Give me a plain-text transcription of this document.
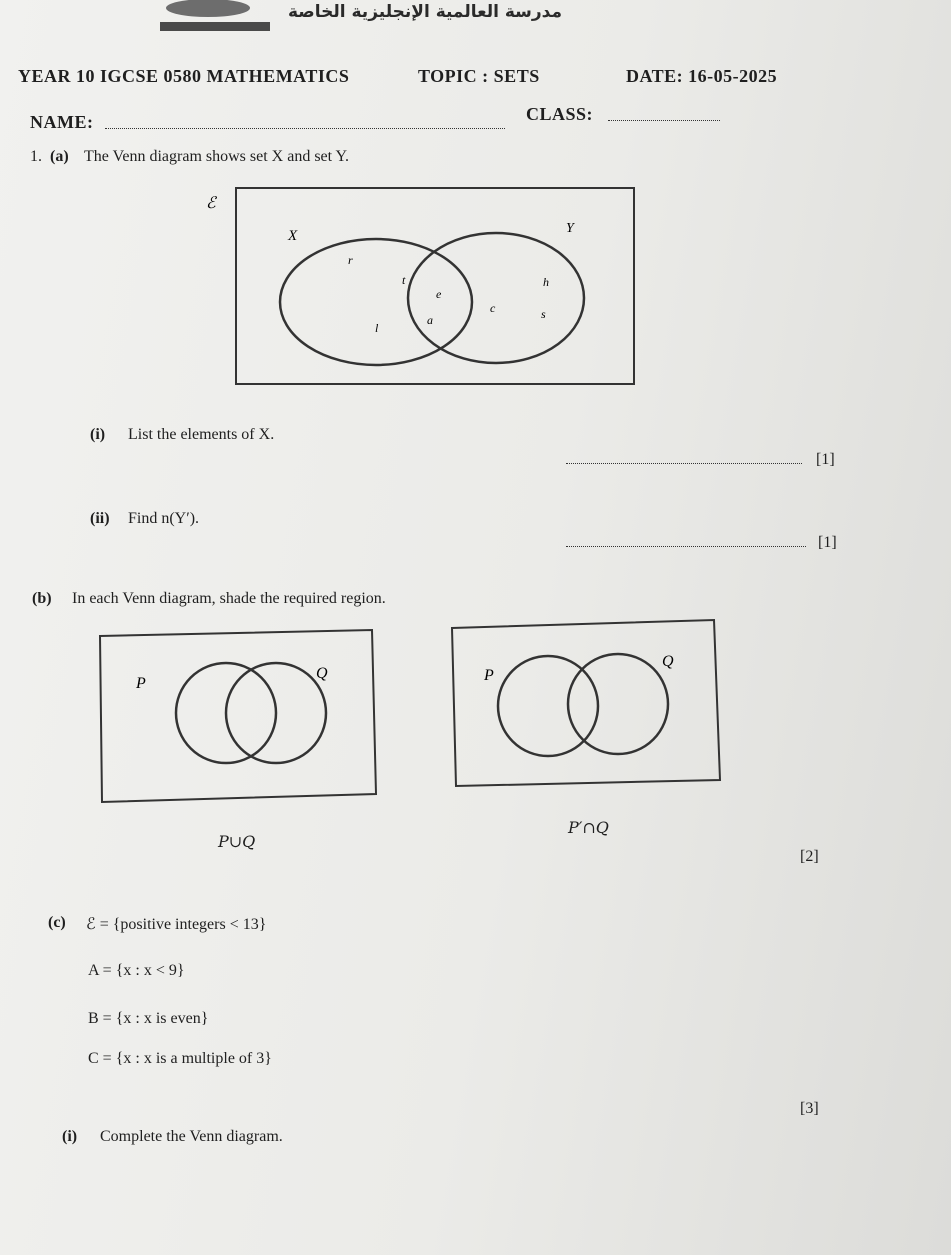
مدرسة العالمية الإنجليزية الخاصة
YEAR 10 IGCSE 0580 MATHEMATICS	TOPIC : SETS	DATE: 16-05-2025
NAME:	CLASS:
1. (a) The Venn diagram shows set X and set Y.
ℰ
X	Y
r
t
l
e
a
h
c	s
(i) List the elements of X.
[1]
(ii) Find n(Y′).
[1]
(b) In each Venn diagram, shade the required region.
P
Q
P∪Q
P
Q
P′∩Q
[2]
(c) ℰ = {positive integers < 13}
A = {x : x < 9}
B = {x : x is even}
C = {x : x is a multiple of 3}
[3]
(i) Complete the Venn diagram.
